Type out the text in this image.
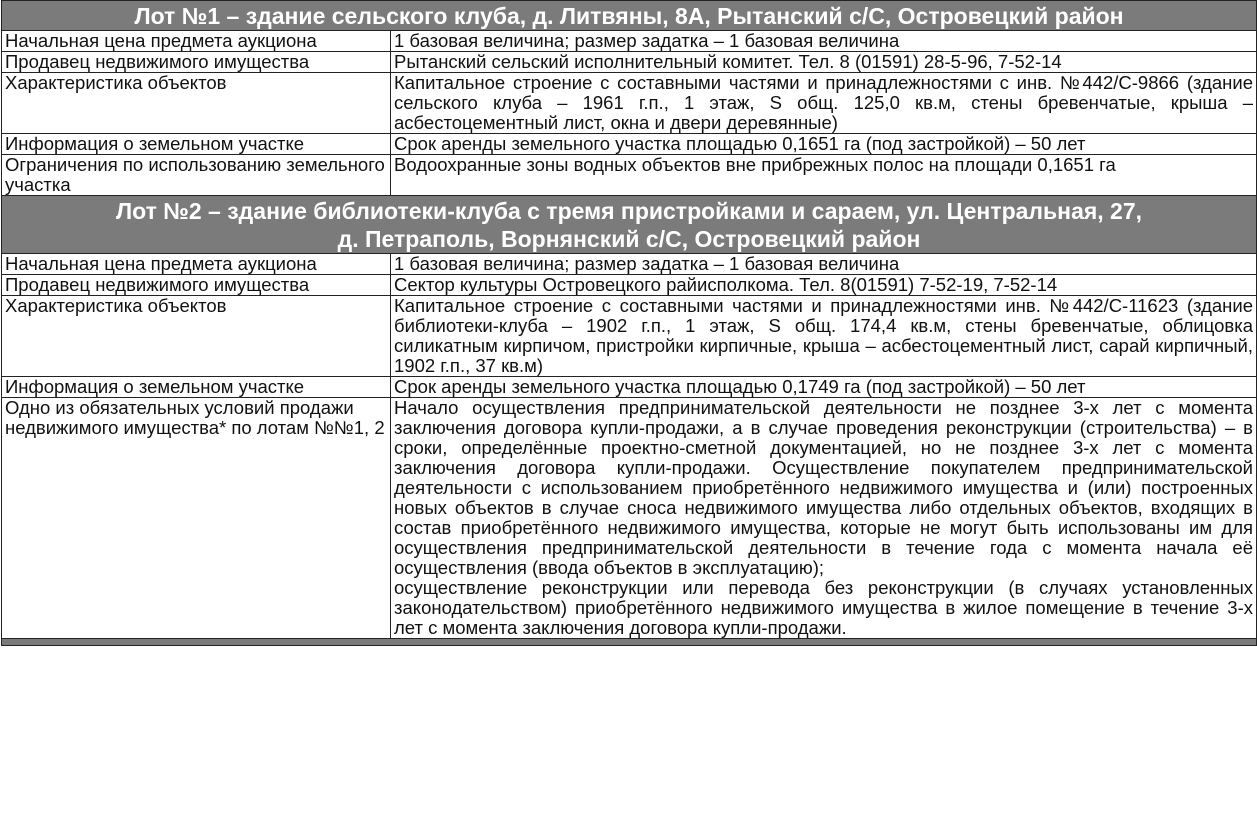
Лот №1 – здание сельского клуба, д. Литвяны, 8А, Рытанский с/С, Островецкий район	
Начальная цена предмета аукциона	1 базовая величина; размер задатка – 1 базовая величина
Продавец недвижимого имущества	Рытанский сельский исполнительный комитет. Тел. 8 (01591) 28-5-96, 7-52-14
Характеристика объектов	Капитальное строение с составными частями и принадлежностями с инв. №442/С-9866 (здание сельского клуба – 1961 г.п., 1 этаж, S общ. 125,0 кв.м, стены бревенчатые, крыша – асбестоцементный лист, окна и двери деревянные)
Информация о земельном участке	Срок аренды земельного участка площадью 0,1651 га (под застройкой) – 50 лет
Ограничения по использованию земельного участка	Водоохранные зоны водных объектов вне прибрежных полос на площади 0,1651 га

Лот №2 – здание библиотеки-клуба с тремя пристройками и сараем, ул. Центральная, 27,
д. Петраполь, Ворнянский с/С, Островецкий район	

Начальная цена предмета аукциона	1 базовая величина; размер задатка – 1 базовая величина
Продавец недвижимого имущества	Сектор культуры Островецкого райисполкома. Тел. 8(01591) 7-52-19, 7-52-14
Характеристика объектов	Капитальное строение с составными частями и принадлежностями инв. №442/С-11623 (здание библиотеки-клуба – 1902 г.п., 1 этаж, S общ. 174,4 кв.м, стены бревенчатые, облицовка силикатным кирпичом, пристройки кирпичные, крыша – асбестоцементный лист, сарай кирпичный, 1902 г.п., 37 кв.м)
Информация о земельном участке	Срок аренды земельного участка площадью 0,1749 га (под застройкой) – 50 лет
Одно из обязательных условий продажи недвижимого имущества* по лотам №№1, 2	Начало осуществления предпринимательской деятельности не позднее 3-х лет с момента заключения договора купли-продажи, а в случае проведения реконструкции (строительства) – в сроки, определённые проектно-сметной документацией, но не позднее 3-х лет с момента заключения договора купли-продажи. Осуществление покупателем предпринимательской деятельности с использованием приобретённого недвижимого имущества и (или) построенных новых объектов в случае сноса недвижимого имущества либо отдельных объектов, входящих в состав приобретённого недвижимого имущества, которые не могут быть использованы им для осуществления предпринимательской деятельности в течение года с момента начала её осуществления (ввода объектов в эксплуатацию);
осуществление реконструкции или перевода без реконструкции (в случаях установленных законодательством) приобретённого недвижимого имущества в жилое помещение в течение 3-х лет с момента заключения договора купли-продажи.
